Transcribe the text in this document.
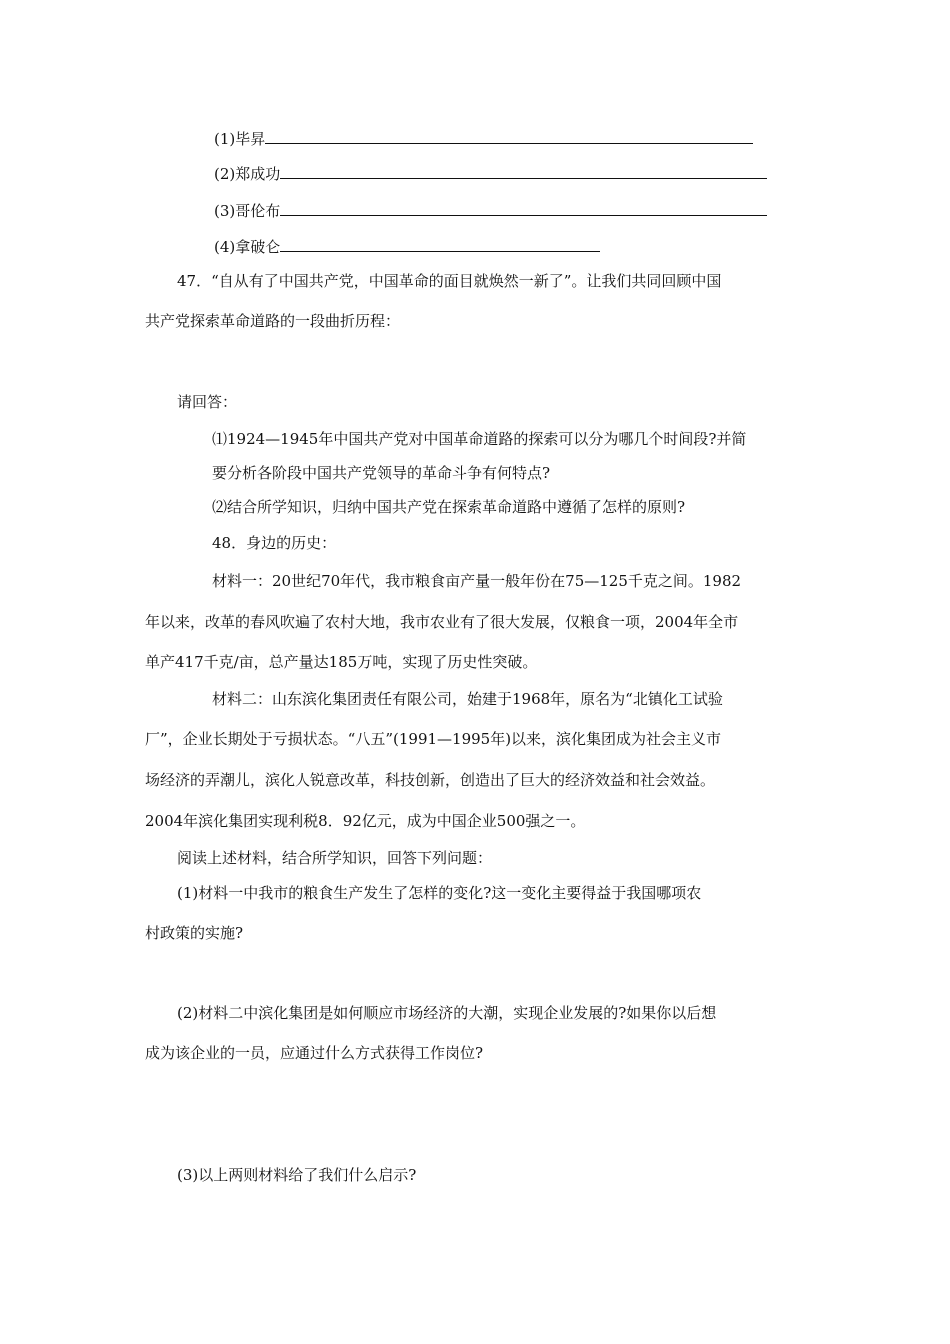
(1)毕昇
(2)郑成功
(3)哥伦布
(4)拿破仑
47．“自从有了中国共产党，中国革命的面目就焕然一新了”。让我们共同回顾中国
共产党探索革命道路的一段曲折历程：
请回答：
⑴1924—1945年中国共产党对中国革命道路的探索可以分为哪几个时间段?并简
要分析各阶段中国共产党领导的革命斗争有何特点?
⑵结合所学知识，归纳中国共产党在探索革命道路中遵循了怎样的原则?
48．身边的历史：
材料一：20世纪70年代，我市粮食亩产量一般年份在75—125千克之间。1982
年以来，改革的春风吹遍了农村大地，我市农业有了很大发展，仅粮食一项，2004年全市
单产417千克/亩，总产量达185万吨，实现了历史性突破。
材料二：山东滨化集团责任有限公司，始建于1968年，原名为“北镇化工试验
厂”，企业长期处于亏损状态。“八五”(1991—1995年)以来，滨化集团成为社会主义市
场经济的弄潮儿，滨化人锐意改革，科技创新，创造出了巨大的经济效益和社会效益。
2004年滨化集团实现利税8．92亿元，成为中国企业500强之一。
阅读上述材料，结合所学知识，回答下列问题：
(1)材料一中我市的粮食生产发生了怎样的变化?这一变化主要得益于我国哪项农
村政策的实施?
(2)材料二中滨化集团是如何顺应市场经济的大潮，实现企业发展的?如果你以后想
成为该企业的一员，应通过什么方式获得工作岗位?
(3)以上两则材料给了我们什么启示?
